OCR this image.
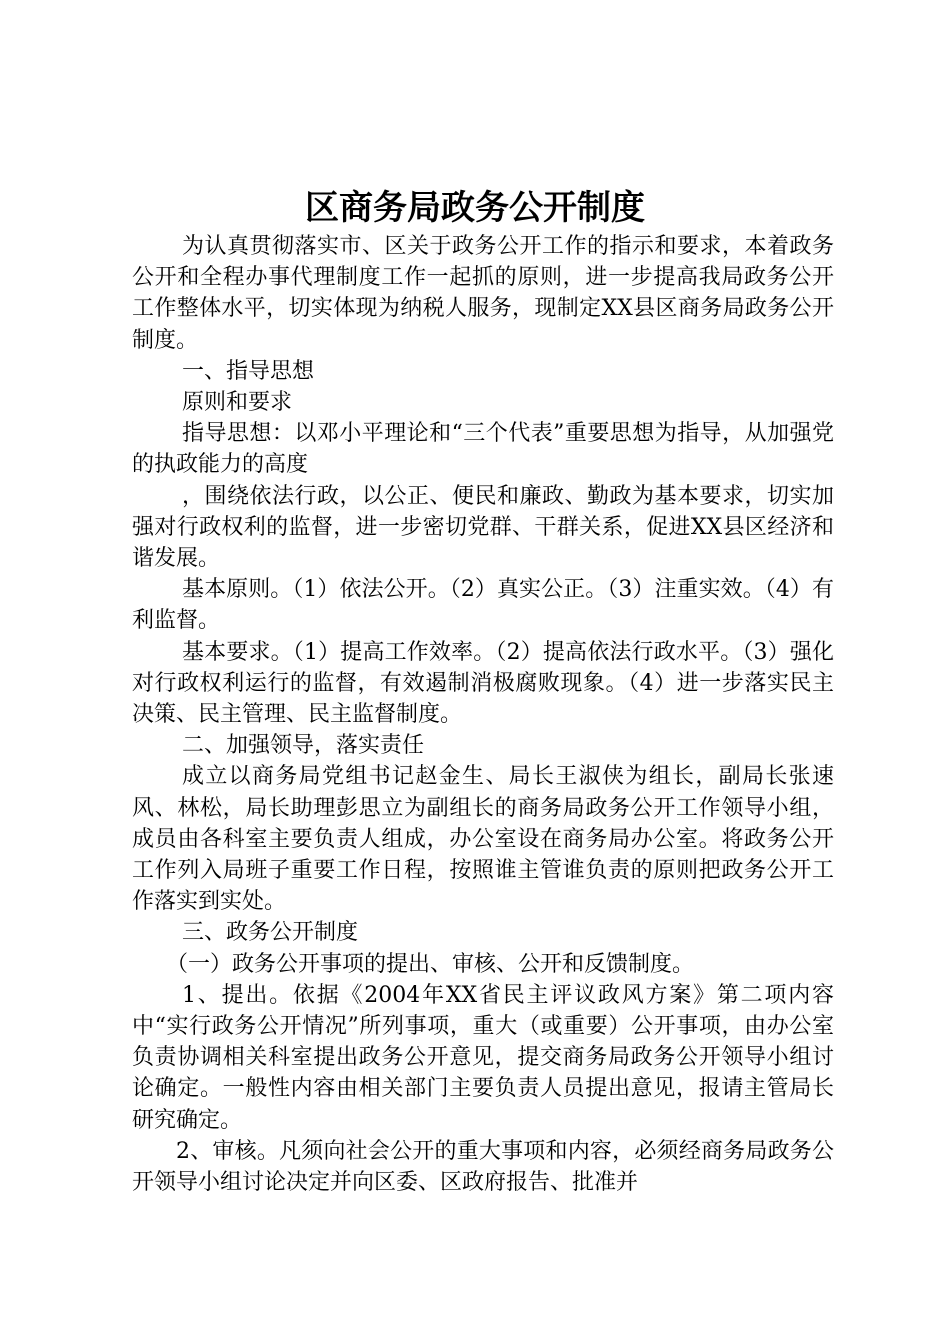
区商务局政务公开制度

为认真贯彻落实市、区关于政务公开工作的指示和要求，本着政务公开和全程办事代理制度工作一起抓的原则，进一步提高我局政务公开工作整体水平，切实体现为纳税人服务，现制定XX县区商务局政务公开制度。

一、指导思想

原则和要求

指导思想：以邓小平理论和“三个代表”重要思想为指导，从加强党的执政能力的高度

，围绕依法行政，以公正、便民和廉政、勤政为基本要求，切实加强对行政权利的监督，进一步密切党群、干群关系，促进XX县区经济和谐发展。

基本原则。（1）依法公开。（2）真实公正。（3）注重实效。（4）有利监督。

基本要求。（1）提高工作效率。（2）提高依法行政水平。（3）强化对行政权利运行的监督，有效遏制消极腐败现象。（4）进一步落实民主决策、民主管理、民主监督制度。

二、加强领导，落实责任

成立以商务局党组书记赵金生、局长王淑侠为组长，副局长张速风、林松，局长助理彭思立为副组长的商务局政务公开工作领导小组，成员由各科室主要负责人组成，办公室设在商务局办公室。将政务公开工作列入局班子重要工作日程，按照谁主管谁负责的原则把政务公开工作落实到实处。

三、政务公开制度

（一）政务公开事项的提出、审核、公开和反馈制度。

1、提出。依据《2004年XX省民主评议政风方案》第二项内容中“实行政务公开情况”所列事项，重大（或重要）公开事项，由办公室负责协调相关科室提出政务公开意见，提交商务局政务公开领导小组讨论确定。一般性内容由相关部门主要负责人员提出意见，报请主管局长研究确定。

2、审核。凡须向社会公开的重大事项和内容，必须经商务局政务公开领导小组讨论决定并向区委、区政府报告、批准并
